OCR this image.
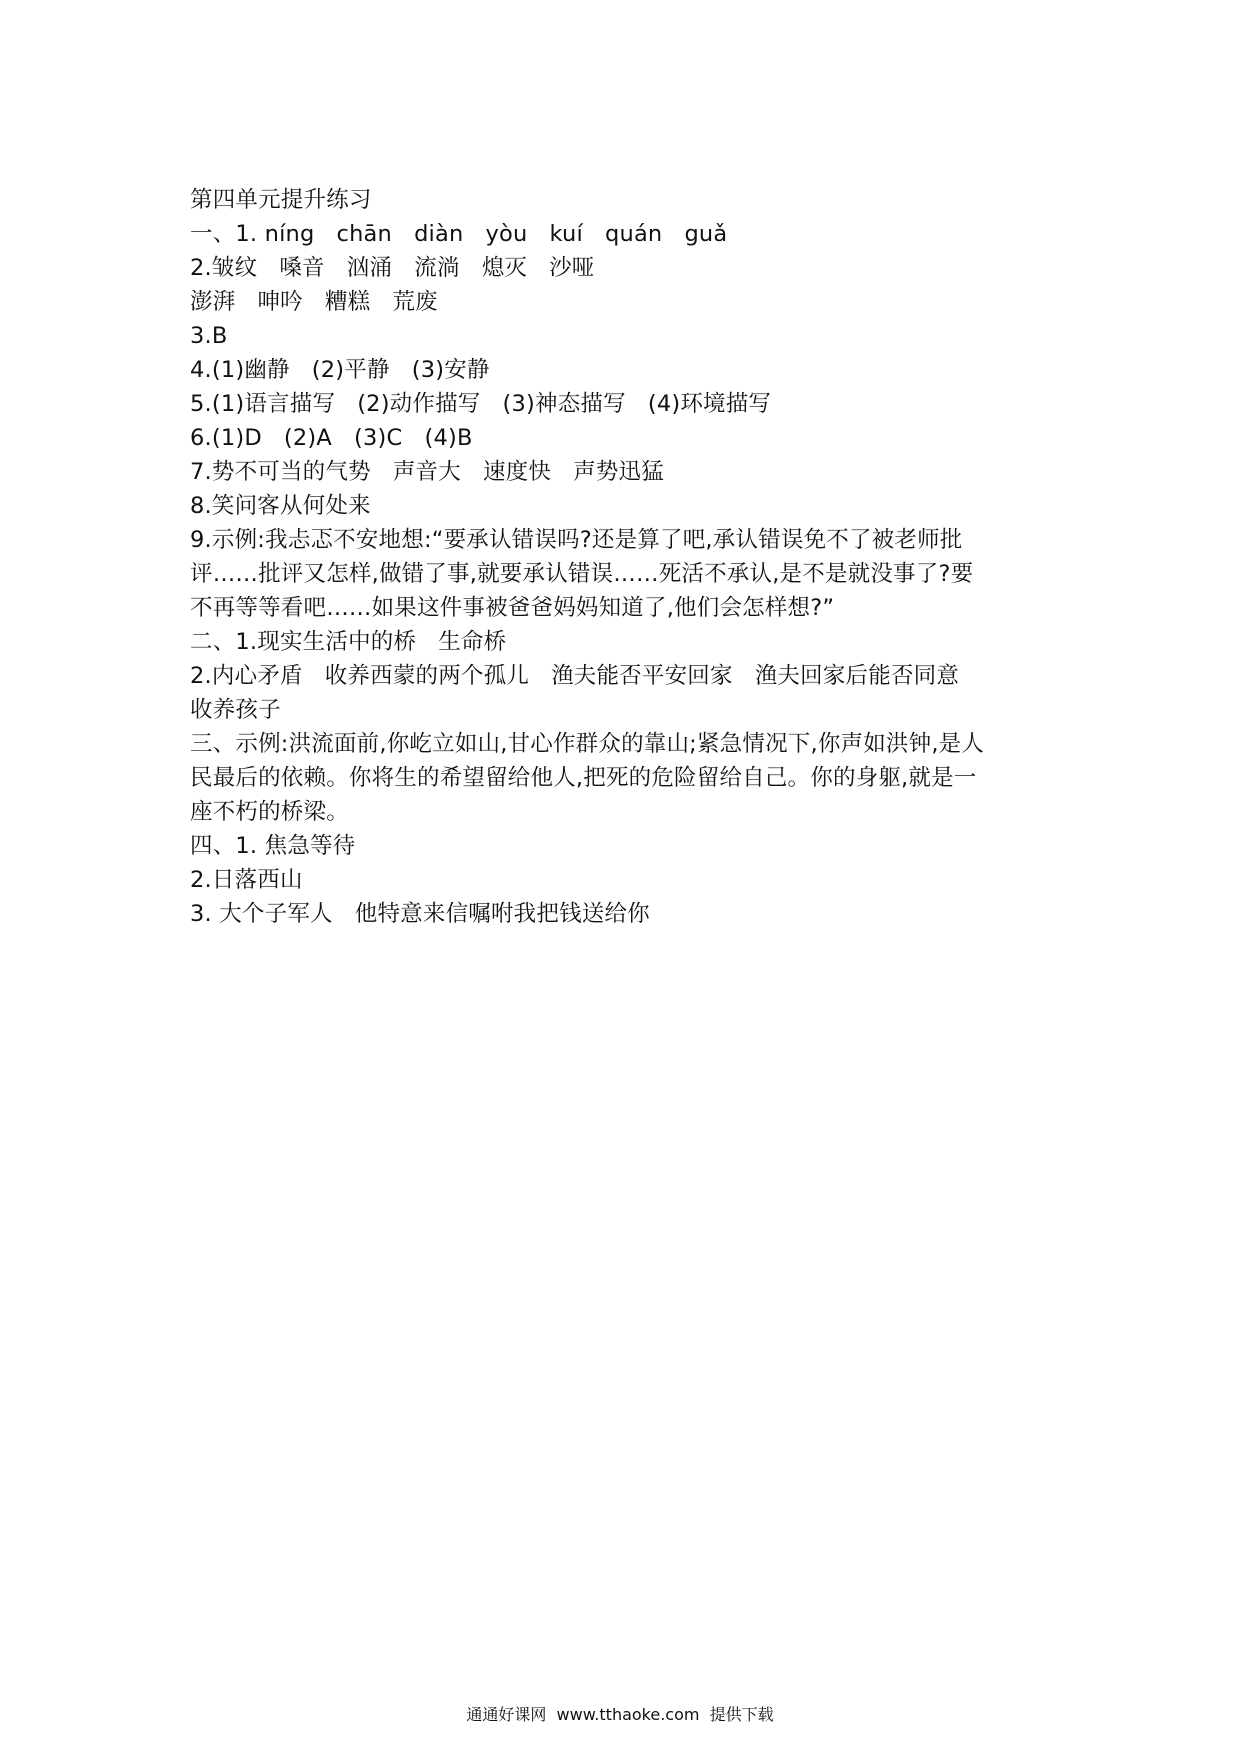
第四单元提升练习
一、1. níng   chān   diàn   yòu   kuí   quán   guǎ
2.皱纹   嗓音   汹涌   流淌   熄灭   沙哑
澎湃   呻吟   糟糕   荒废
3.B
4.(1)幽静   (2)平静   (3)安静
5.(1)语言描写   (2)动作描写   (3)神态描写   (4)环境描写
6.(1)D   (2)A   (3)C   (4)B
7.势不可当的气势   声音大   速度快   声势迅猛
8.笑问客从何处来
9.示例:我忐忑不安地想:“要承认错误吗?还是算了吧,承认错误免不了被老师批
评……批评又怎样,做错了事,就要承认错误……死活不承认,是不是就没事了?要
不再等等看吧……如果这件事被爸爸妈妈知道了,他们会怎样想?”
二、1.现实生活中的桥   生命桥
2.内心矛盾   收养西蒙的两个孤儿   渔夫能否平安回家   渔夫回家后能否同意
收养孩子
三、示例:洪流面前,你屹立如山,甘心作群众的靠山;紧急情况下,你声如洪钟,是人
民最后的依赖。你将生的希望留给他人,把死的危险留给自己。你的身躯,就是一
座不朽的桥梁。
四、1. 焦急等待
2.日落西山
3. 大个子军人   他特意来信嘱咐我把钱送给你
通通好课网  www.tthaoke.com  提供下载
